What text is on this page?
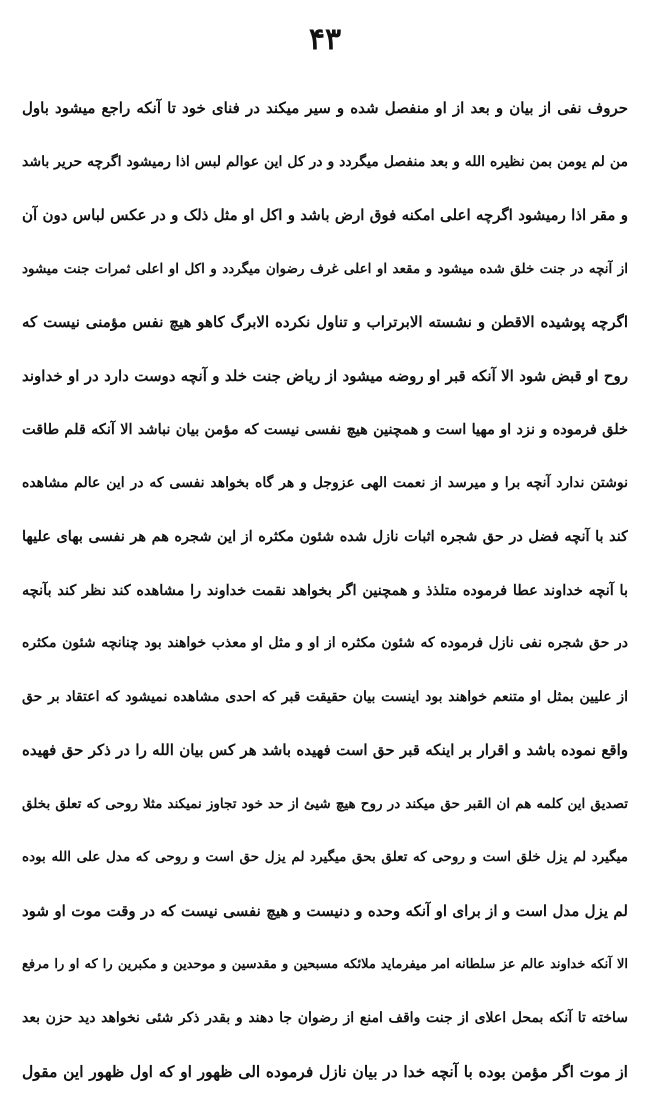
۴۳
حروف نفی از بیان و بعد از او منفصل شده و سیر میکند در فنای خود تا آنکه راجع میشود باول
من لم یومن بمن نظیره الله و بعد منفصل میگردد و در کل این عوالم لبس اذا رمیشود اگرچه حریر باشد
و مقر اذا رمیشود اگرچه اعلی امکنه فوق ارض باشد و اکل او مثل ذلک و در عکس لباس دون آن
از آنچه در جنت خلق شده میشود و مقعد او اعلی غرف رضوان میگردد و اکل او اعلی ثمرات جنت میشود
اگرچه پوشیده الاقطن و نشسته الابرتراب و تناول نکرده الابرگ کاهو هیچ نفس مؤمنی نیست که
روح او قبض شود الا آنکه قبر او روضه میشود از ریاض جنت خلد و آنچه دوست دارد در او خداوند
خلق فرموده و نزد او مهیا است و همچنین هیچ نفسی نیست که مؤمن بیان نباشد الا آنکه قلم طاقت
نوشتن ندارد آنچه برا و میرسد از نعمت الهی عزوجل و هر گاه بخواهد نفسی که در این عالم مشاهده
کند با آنچه فضل در حق شجره اثبات نازل شده شئون مکثره از این شجره هم هر نفسی بهای علیها
با آنچه خداوند عطا فرموده متلذذ و همچنین اگر بخواهد نقمت خداوند را مشاهده کند نظر کند بآنچه
در حق شجره نفی نازل فرموده که شئون مکثره از او و مثل او معذب خواهند بود چنانچه شئون مکثره
از علیین بمثل او متنعم خواهند بود اینست بیان حقیقت قبر که احدی مشاهده نمیشود که اعتقاد بر حق
واقع نموده باشد و اقرار بر اینکه قبر حق است فهیده باشد هر کس بیان الله را در ذکر حق فهیده
تصدیق این کلمه هم ان القبر حق میکند در روح هیچ شیئ از حد خود تجاوز نمیکند مثلا روحی که تعلق بخلق
میگیرد لم یزل خلق است و روحی که تعلق بحق میگیرد لم یزل حق است و روحی که مدل علی الله بوده
لم یزل مدل است و از برای او آنکه وحده و دنیست و هیچ نفسی نیست که در وقت موت او شود
الا آنکه خداوند عالم عز سلطانه امر میفرماید ملائکه مسبحین و مقدسین و موحدین و مکبرین را که او را مرفع
ساخته تا آنکه بمحل اعلای از جنت واقف امنع از رضوان جا دهند و بقدر ذکر شئی نخواهد دید حزن بعد
از موت اگر مؤمن بوده با آنچه خدا در بیان نازل فرموده الی ظهور او که اول ظهور این مقول
